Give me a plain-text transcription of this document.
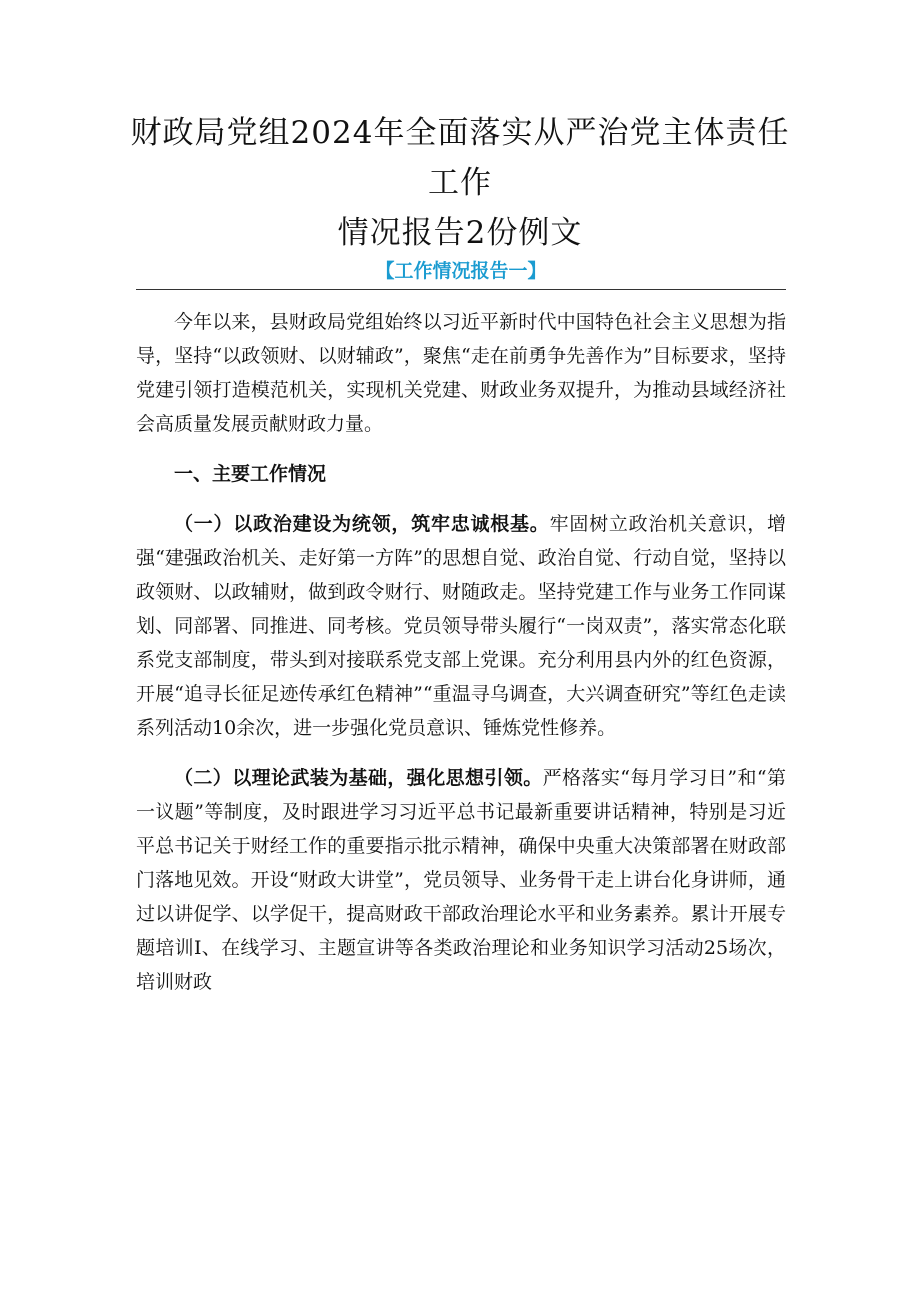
财政局党组2024年全面落实从严治党主体责任工作
情况报告2份例文
【工作情况报告一】

今年以来，县财政局党组始终以习近平新时代中国特色社会主义思想为指导，坚持“以政领财、以财辅政”，聚焦“走在前勇争先善作为”目标要求，坚持党建引领打造模范机关，实现机关党建、财政业务双提升，为推动县域经济社会高质量发展贡献财政力量。

一、主要工作情况

（一）以政治建设为统领，筑牢忠诚根基。牢固树立政治机关意识，增强“建强政治机关、走好第一方阵”的思想自觉、政治自觉、行动自觉，坚持以政领财、以政辅财，做到政令财行、财随政走。坚持党建工作与业务工作同谋划、同部署、同推进、同考核。党员领导带头履行“一岗双责”，落实常态化联系党支部制度，带头到对接联系党支部上党课。充分利用县内外的红色资源，开展“追寻长征足迹传承红色精神”“重温寻乌调查，大兴调查研究”等红色走读系列活动10余次，进一步强化党员意识、锤炼党性修养。

（二）以理论武装为基础，强化思想引领。严格落实“每月学习日”和“第一议题”等制度，及时跟进学习习近平总书记最新重要讲话精神，特别是习近平总书记关于财经工作的重要指示批示精神，确保中央重大决策部署在财政部门落地见效。开设“财政大讲堂”，党员领导、业务骨干走上讲台化身讲师，通过以讲促学、以学促干，提高财政干部政治理论水平和业务素养。累计开展专题培训I、在线学习、主题宣讲等各类政治理论和业务知识学习活动25场次，培训财政
